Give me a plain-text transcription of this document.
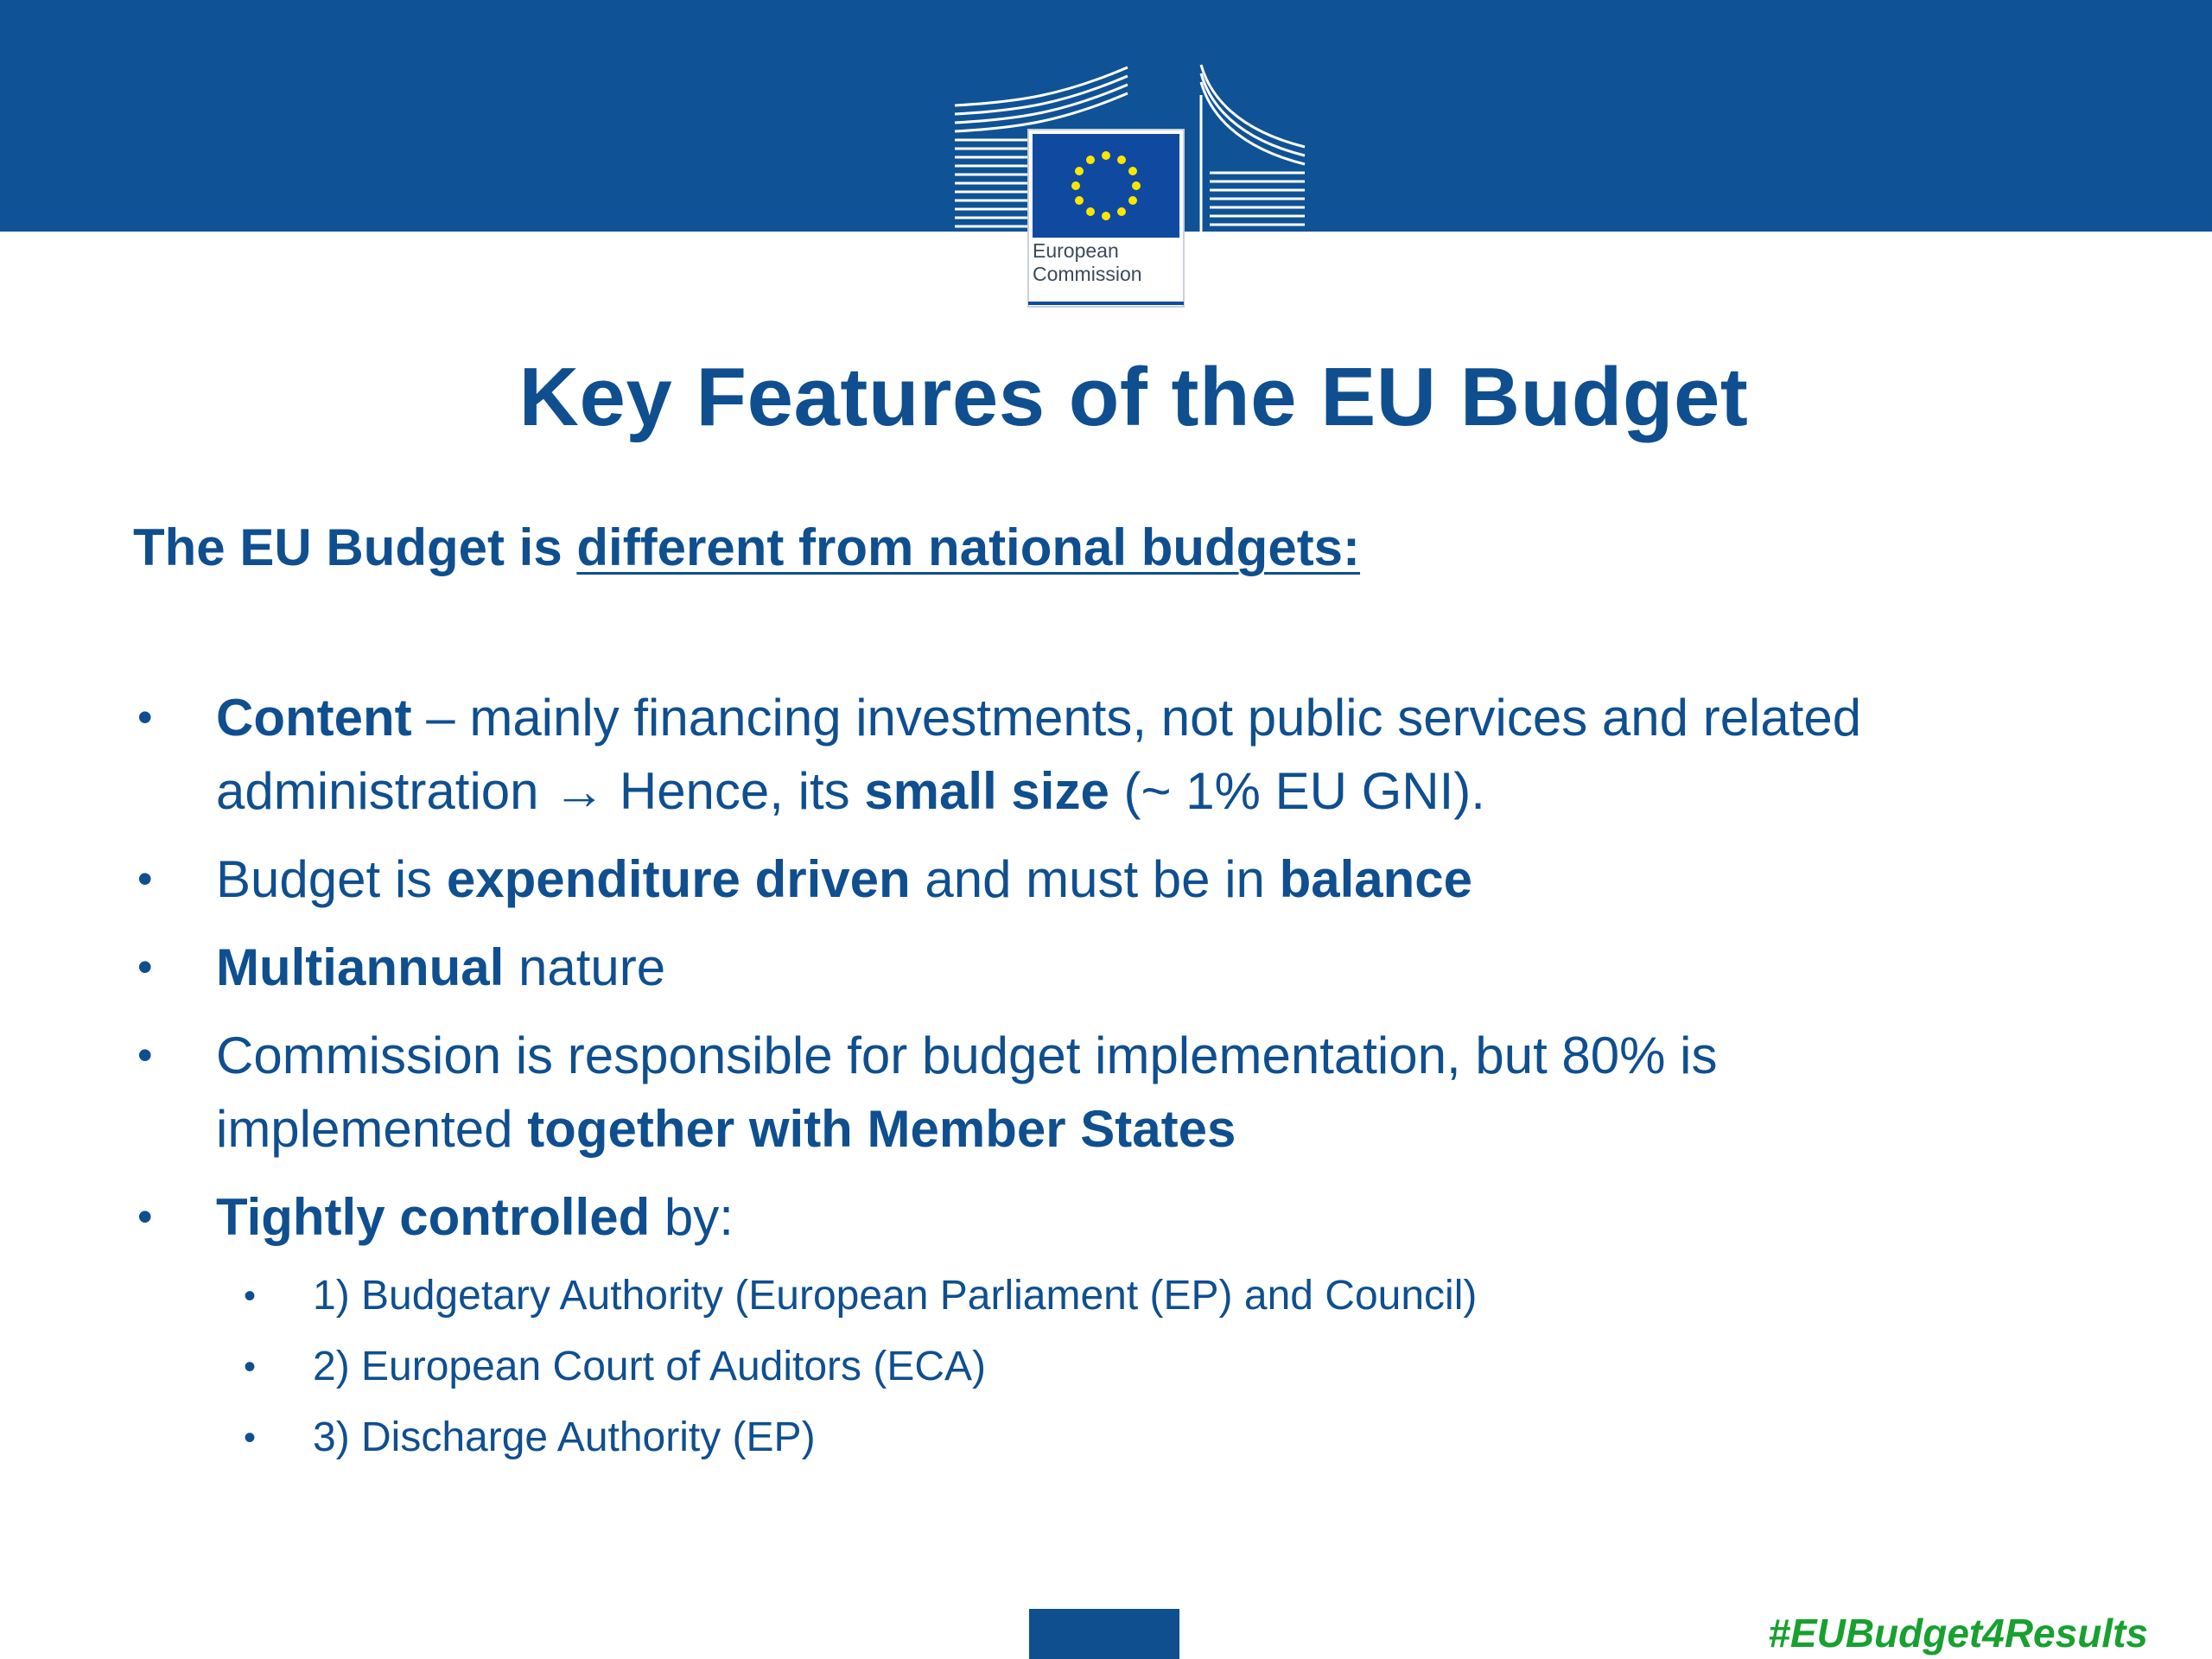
European
Commission
Key Features of the EU Budget
The EU Budget is different from national budgets:
• Content – mainly financing investments, not public services and related
administration → Hence, its small size (~ 1% EU GNI).
• Budget is expenditure driven and must be in balance
• Multiannual nature
• Commission is responsible for budget implementation, but 80% is
implemented together with Member States
• Tightly controlled by:
• 1) Budgetary Authority (European Parliament (EP) and Council)
• 2) European Court of Auditors (ECA)
• 3) Discharge Authority (EP)
#EUBudget4Results
